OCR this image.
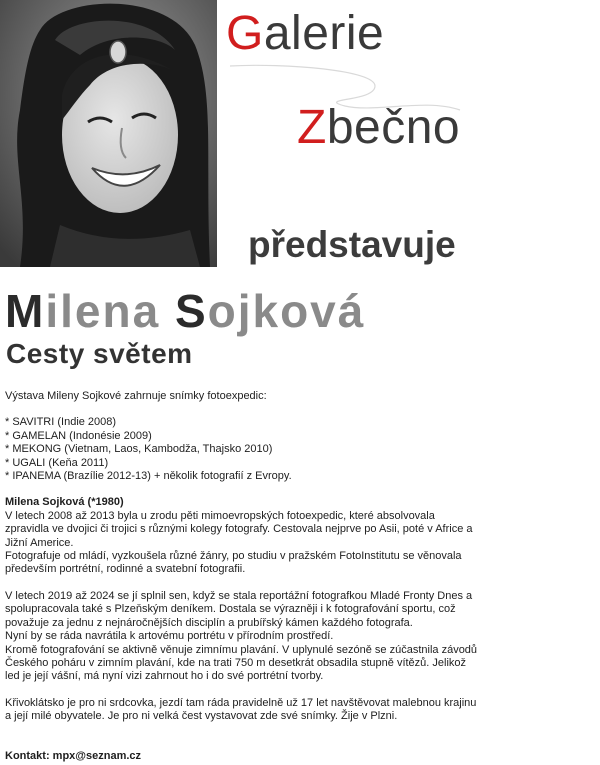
Galerie
Zbečno
představuje
Milena Sojková
Cesty světem

Výstava Mileny Sojkové zahrnuje snímky fotoexpedic:

* SAVITRI (Indie 2008)

* GAMELAN (Indonésie 2009)

* MEKONG (Vietnam, Laos, Kambodža, Thajsko 2010)

* UGALI (Keňa 2011)

* IPANEMA (Brazílie 2012-13) + několik fotografií z Evropy.

Milena Sojková (*1980)

V letech 2008 až 2013 byla u zrodu pěti mimoevropských fotoexpedic, které absolvovala

zpravidla ve dvojici či trojici s různými kolegy fotografy. Cestovala nejprve po Asii, poté v Africe a

Jižní Americe.

Fotografuje od mládí, vyzkoušela různé žánry, po studiu v pražském FotoInstitutu se věnovala

především portrétní, rodinné a svatební fotografii.

V letech 2019 až 2024 se jí splnil sen, když se stala reportážní fotografkou Mladé Fronty Dnes a

spolupracovala také s Plzeňským deníkem. Dostala se výrazněji i k fotografování sportu, což

považuje za jednu z nejnáročnějších disciplín a prubířský kámen každého fotografa.

Nyní by se ráda navrátila k artovému portrétu v přírodním prostředí.

Kromě fotografování se aktivně věnuje zimnímu plavání. V uplynulé sezóně se zúčastnila závodů

Českého poháru v zimním plavání, kde na trati 750 m desetkrát obsadila stupně vítězů. Jelikož

led je její vášní, má nyní vizi zahrnout ho i do své portrétní tvorby.

Křivoklátsko je pro ni srdcovka, jezdí tam ráda pravidelně už 17 let navštěvovat malebnou krajinu

a její milé obyvatele. Je pro ni velká čest vystavovat zde své snímky. Žije v Plzni.

Kontakt: mpx@seznam.cz
